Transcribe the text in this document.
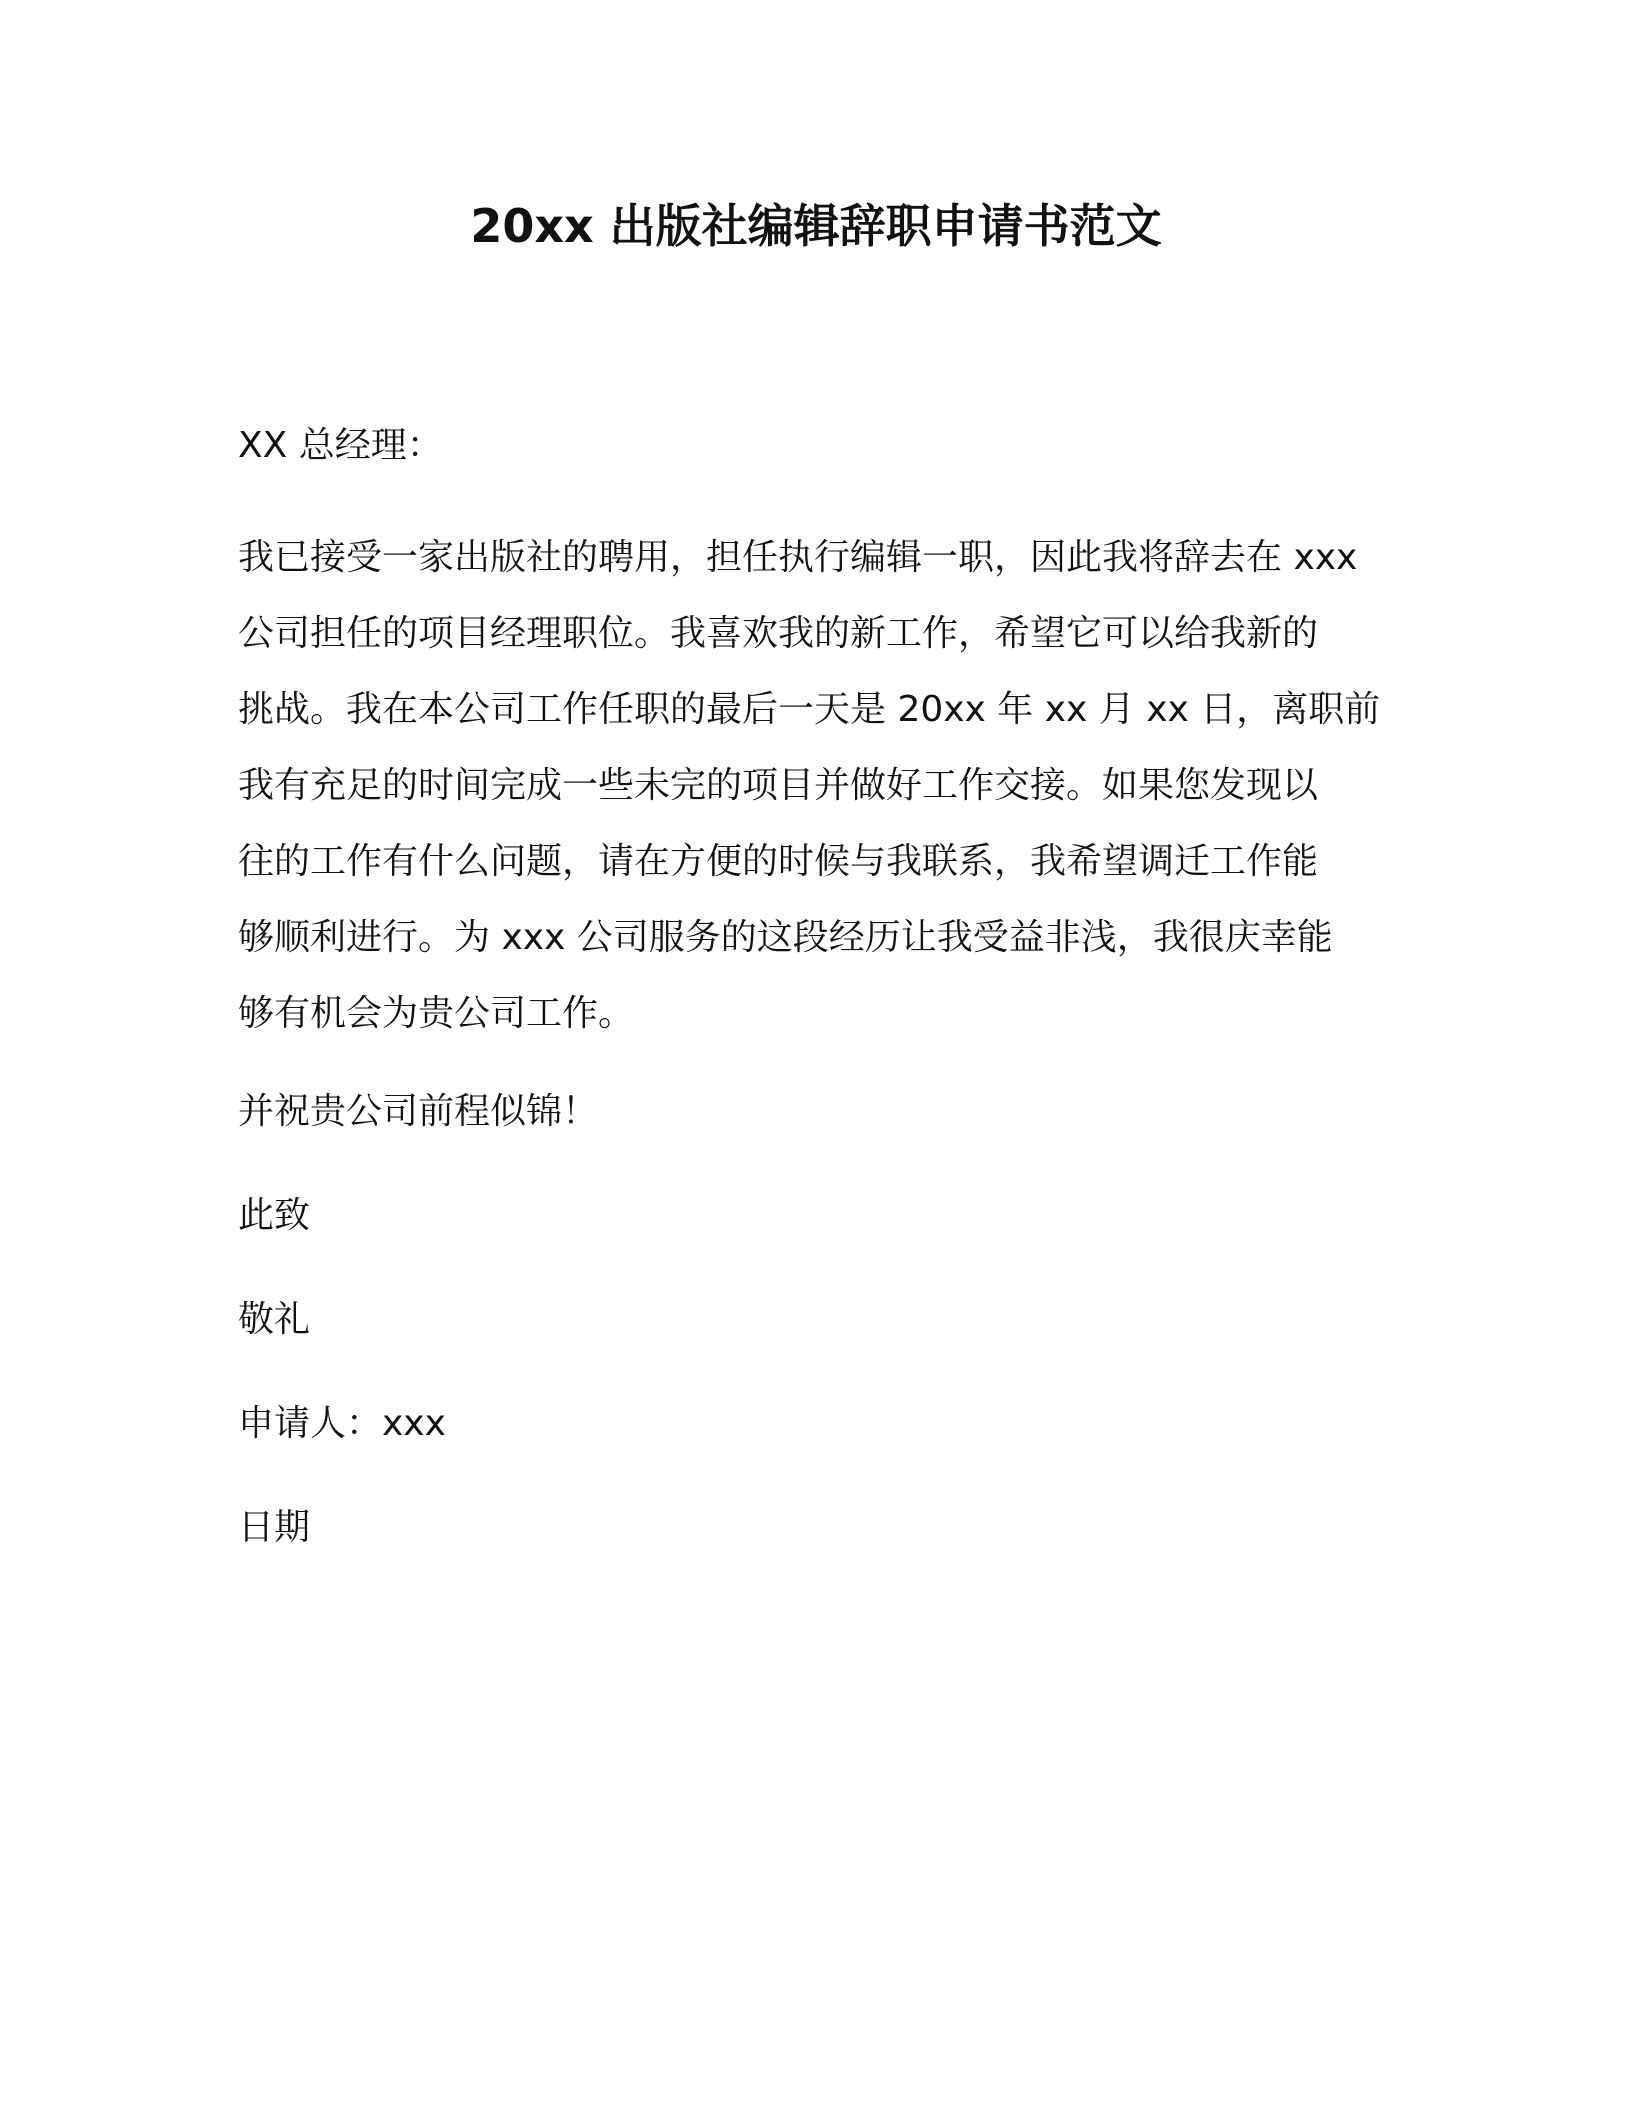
20xx 出版社编辑辞职申请书范文
XX 总经理：
我已接受一家出版社的聘用，担任执行编辑一职，因此我将辞去在 xxx
公司担任的项目经理职位。我喜欢我的新工作，希望它可以给我新的
挑战。我在本公司工作任职的最后一天是 20xx 年 xx 月 xx 日，离职前
我有充足的时间完成一些未完的项目并做好工作交接。如果您发现以
往的工作有什么问题，请在方便的时候与我联系，我希望调迁工作能
够顺利进行。为 xxx 公司服务的这段经历让我受益非浅，我很庆幸能
够有机会为贵公司工作。
并祝贵公司前程似锦！
此致
敬礼
申请人：xxx
日期
